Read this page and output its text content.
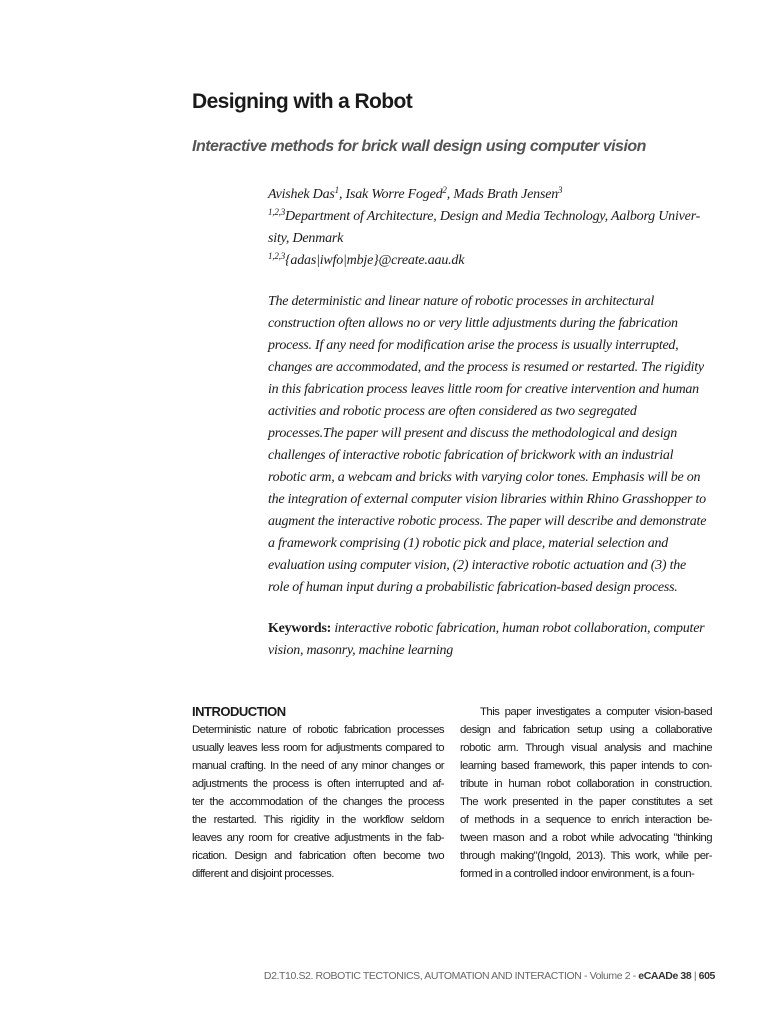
Designing with a Robot
Interactive methods for brick wall design using computer vision
Avishek Das$^1$, Isak Worre Foged$^2$, Mads Brath Jensen$^3$
$^{1,2,3}$Department of Architecture, Design and Media Technology, Aalborg Univer-
sity, Denmark
$^{1,2,3}${adas|iwfo|mbje}@create.aau.dk
The deterministic and linear nature of robotic processes in architectural
construction often allows no or very little adjustments during the fabrication
process. If any need for modification arise the process is usually interrupted,
changes are accommodated, and the process is resumed or restarted. The rigidity
in this fabrication process leaves little room for creative intervention and human
activities and robotic process are often considered as two segregated
processes.The paper will present and discuss the methodological and design
challenges of interactive robotic fabrication of brickwork with an industrial
robotic arm, a webcam and bricks with varying color tones. Emphasis will be on
the integration of external computer vision libraries within Rhino Grasshopper to
augment the interactive robotic process. The paper will describe and demonstrate
a framework comprising (1) robotic pick and place, material selection and
evaluation using computer vision, (2) interactive robotic actuation and (3) the
role of human input during a probabilistic fabrication-based design process.
Keywords: interactive robotic fabrication, human robot collaboration, computer
vision, masonry, machine learning
INTRODUCTION
Deterministic nature of robotic fabrication processes
usually leaves less room for adjustments compared to
manual crafting. In the need of any minor changes or
adjustments the process is often interrupted and af-
ter the accommodation of the changes the process
the restarted. This rigidity in the workflow seldom
leaves any room for creative adjustments in the fab-
rication. Design and fabrication often become two
different and disjoint processes.
This paper investigates a computer vision-based
design and fabrication setup using a collaborative
robotic arm. Through visual analysis and machine
learning based framework, this paper intends to con-
tribute in human robot collaboration in construction.
The work presented in the paper constitutes a set
of methods in a sequence to enrich interaction be-
tween mason and a robot while advocating "thinking
through making"(Ingold, 2013). This work, while per-
formed in a controlled indoor environment, is a foun-
D2.T10.S2. ROBOTIC TECTONICS, AUTOMATION AND INTERACTION - Volume 2 - eCAADe 38 | 605
